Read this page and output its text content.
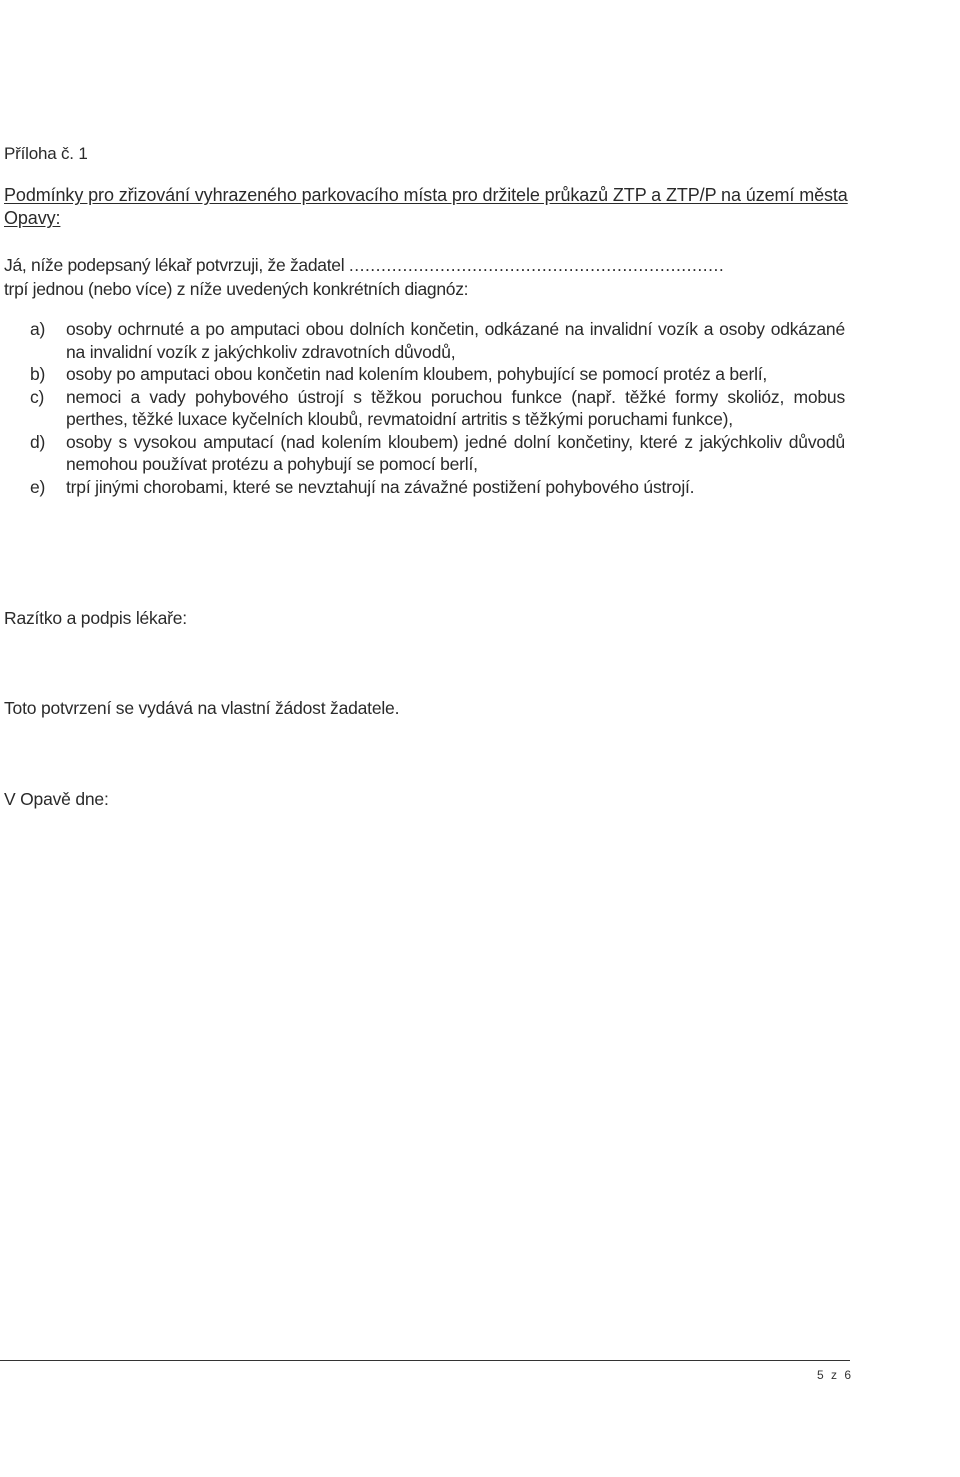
Příloha č. 1
Podmínky pro zřizování vyhrazeného parkovacího místa pro držitele průkazů ZTP a ZTP/P na území města Opavy:
Já, níže podepsaný lékař potvrzuji, že žadatel ......................................................................
trpí jednou (nebo více) z níže uvedených konkrétních diagnóz:
a) osoby ochrnuté a po amputaci obou dolních končetin, odkázané na invalidní vozík a osoby odkázané na invalidní vozík z jakýchkoliv zdravotních důvodů,
b) osoby po amputaci obou končetin nad kolením kloubem, pohybující se pomocí protéz a berlí,
c) nemoci a vady pohybového ústrojí s těžkou poruchou funkce (např. těžké formy skolióz, mobus perthes, těžké luxace kyčelních kloubů, revmatoidní artritis s těžkými poruchami funkce),
d) osoby s vysokou amputací (nad kolením kloubem) jedné dolní končetiny, které z jakýchkoliv důvodů nemohou používat protézu a pohybují se pomocí berlí,
e) trpí jinými chorobami, které se nevztahují na závažné postižení pohybového ústrojí.
Razítko a podpis lékaře:
Toto potvrzení se vydává na vlastní žádost žadatele.
V Opavě dne:
5 z 6
